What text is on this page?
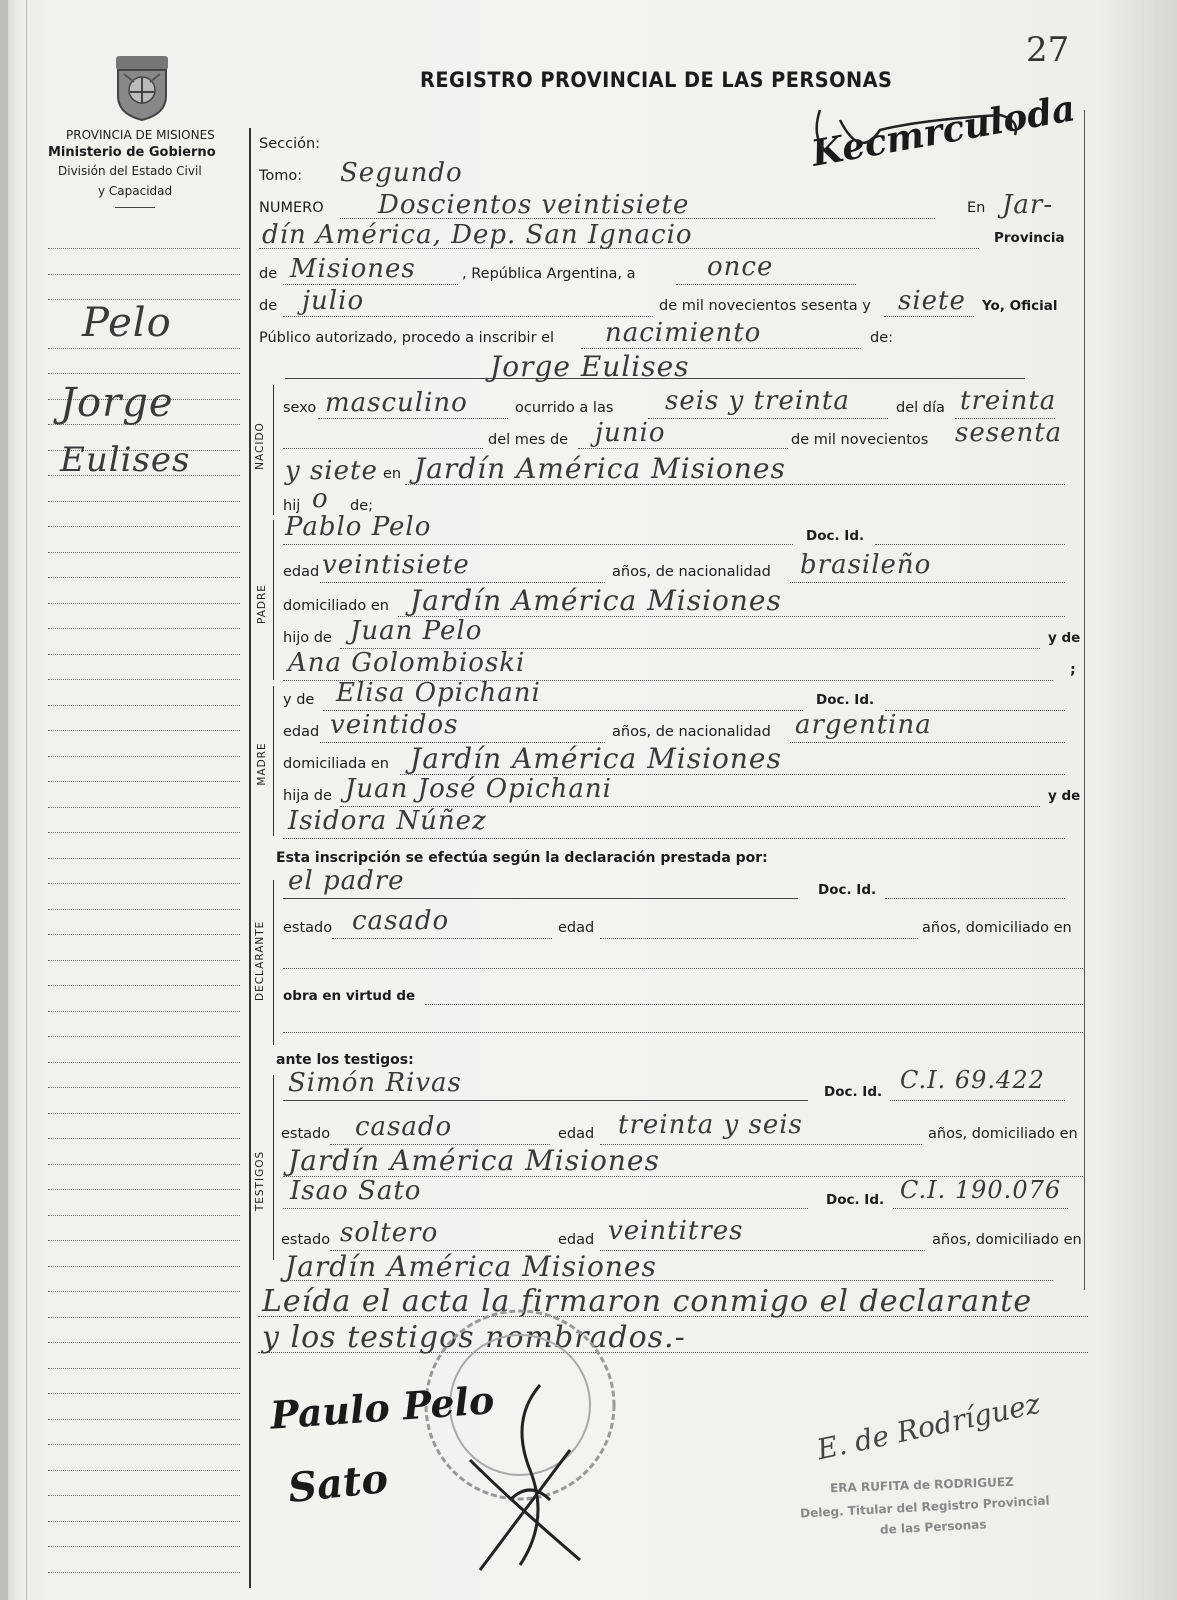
27
REGISTRO PROVINCIAL DE LAS PERSONAS
PROVINCIA DE MISIONES
Ministerio de Gobierno
División del Estado Civil
y Capacidad
Pelo
Jorge
Eulises
Kecmrculoda
Sección:
Tomo: Segundo
NUMERO Doscientos veintisiete	En Jar-
dín América, Dep. San Ignacio	Provincia
de Misiones	, República Argentina, a	once
de julio	de mil novecientos sesenta y siete Yo, Oficial
Público autorizado, procedo a inscribir el nacimiento	de:
Jorge Eulises
NACIDO
sexo masculino	ocurrido a las seis y treinta	del día treinta
del mes de junio	de mil novecientos sesenta
y siete en Jardín América Misiones
hij o de;
PADRE
Pablo Pelo	Doc. Id.
edad veintisiete	años, de nacionalidad brasileño
domiciliado en Jardín América Misiones
hijo de Juan Pelo	y de
Ana Golombioski	;
MADRE
y de Elisa Opichani	Doc. Id.
edad veintidos	años, de nacionalidad argentina
domiciliada en Jardín América Misiones
hija de Juan José Opichani	y de
Isidora Núñez
Esta inscripción se efectúa según la declaración prestada por:
DECLARANTE
el padre	Doc. Id.
estado casado	edad	años, domiciliado en
obra en virtud de
ante los testigos:
TESTIGOS
Simón Rivas	Doc. Id. C.I. 69.422
estado casado	edad treinta y seis	años, domiciliado en
Jardín América Misiones
Isao Sato	Doc. Id. C.I. 190.076
estado soltero	edad veintitres	años, domiciliado en
Jardín América Misiones
Leída el acta la firmaron conmigo el declarante
y los testigos nombrados.-
Paulo Pelo
Sato
E. de Rodríguez
ERA RUFITA de RODRIGUEZ
Deleg. Titular del Registro Provincial
de las Personas
